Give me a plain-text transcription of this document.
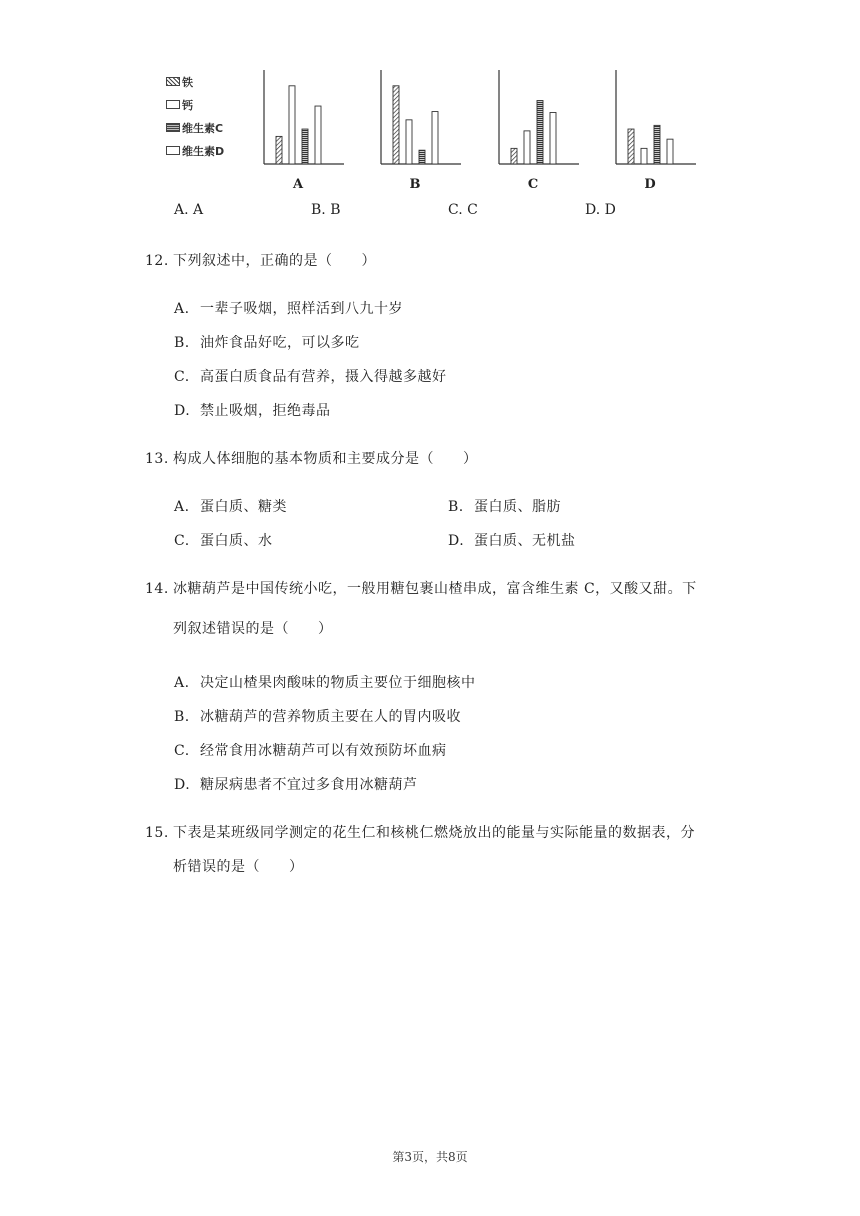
铁
钙
维生素C
维生素D
A	B	C	D
A. A	B. B	C. C	D. D
12. 下列叙述中，正确的是（　　）
A. 一辈子吸烟，照样活到八九十岁
B. 油炸食品好吃，可以多吃
C. 高蛋白质食品有营养，摄入得越多越好
D. 禁止吸烟，拒绝毒品
13. 构成人体细胞的基本物质和主要成分是（　　）
A. 蛋白质、糖类	B. 蛋白质、脂肪
C. 蛋白质、水	D. 蛋白质、无机盐
14. 冰糖葫芦是中国传统小吃，一般用糖包裹山楂串成，富含维生素 C，又酸又甜。下
列叙述错误的是（　　）
A. 决定山楂果肉酸味的物质主要位于细胞核中
B. 冰糖葫芦的营养物质主要在人的胃内吸收
C. 经常食用冰糖葫芦可以有效预防坏血病
D. 糖尿病患者不宜过多食用冰糖葫芦
15. 下表是某班级同学测定的花生仁和核桃仁燃烧放出的能量与实际能量的数据表，分
析错误的是（　　）
第3页，共8页
